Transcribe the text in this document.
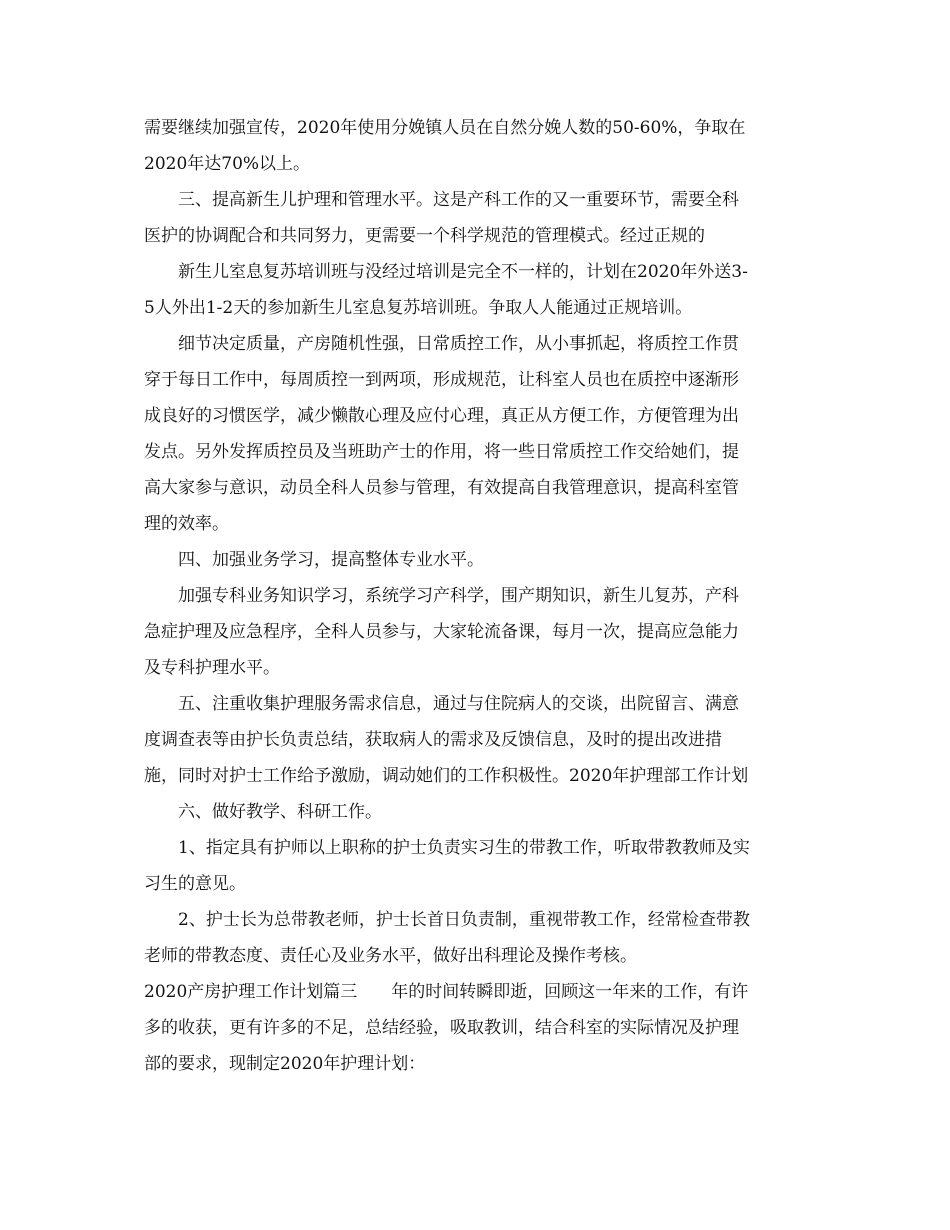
需要继续加强宣传，2020年使用分娩镇人员在自然分娩人数的50-60%，争取在
2020年达70%以上。
三、提高新生儿护理和管理水平。这是产科工作的又一重要环节，需要全科
医护的协调配合和共同努力，更需要一个科学规范的管理模式。经过正规的
新生儿室息复苏培训班与没经过培训是完全不一样的，计划在2020年外送3-
5人外出1-2天的参加新生儿室息复苏培训班。争取人人能通过正规培训。
细节决定质量，产房随机性强，日常质控工作，从小事抓起，将质控工作贯
穿于每日工作中，每周质控一到两项，形成规范，让科室人员也在质控中逐渐形
成良好的习惯医学，减少懒散心理及应付心理，真正从方便工作，方便管理为出
发点。另外发挥质控员及当班助产士的作用，将一些日常质控工作交给她们，提
高大家参与意识，动员全科人员参与管理，有效提高自我管理意识，提高科室管
理的效率。
四、加强业务学习，提高整体专业水平。
加强专科业务知识学习，系统学习产科学，围产期知识，新生儿复苏，产科
急症护理及应急程序，全科人员参与，大家轮流备课，每月一次，提高应急能力
及专科护理水平。
五、注重收集护理服务需求信息，通过与住院病人的交谈，出院留言、满意
度调查表等由护长负责总结，获取病人的需求及反馈信息，及时的提出改进措
施，同时对护士工作给予激励，调动她们的工作积极性。2020年护理部工作计划
六、做好教学、科研工作。
1、指定具有护师以上职称的护士负责实习生的带教工作，听取带教教师及实
习生的意见。
2、护士长为总带教老师，护士长首日负责制，重视带教工作，经常检查带教
老师的带教态度、责任心及业务水平，做好出科理论及操作考核。
2020产房护理工作计划篇三　　年的时间转瞬即逝，回顾这一年来的工作，有许
多的收获，更有许多的不足，总结经验，吸取教训，结合科室的实际情况及护理
部的要求，现制定2020年护理计划：
